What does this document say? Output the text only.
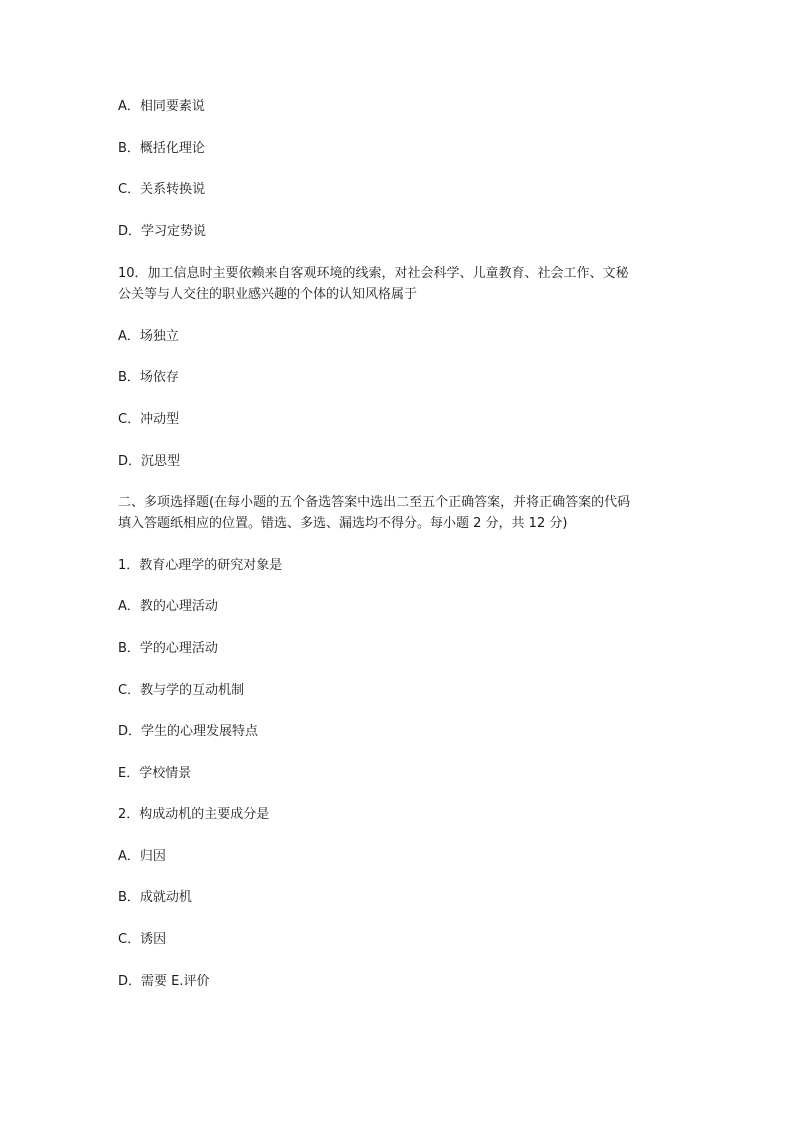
A．相同要素说
B．概括化理论
C．关系转换说
D．学习定势说
10．加工信息时主要依赖来自客观环境的线索，对社会科学、儿童教育、社会工作、文秘
公关等与人交往的职业感兴趣的个体的认知风格属于
A．场独立
B．场依存
C．冲动型
D．沉思型
二、多项选择题(在每小题的五个备选答案中选出二至五个正确答案，并将正确答案的代码
填入答题纸相应的位置。错选、多选、漏选均不得分。每小题 2 分，共 12 分)
1．教育心理学的研究对象是
A．教的心理活动
B．学的心理活动
C．教与学的互动机制
D．学生的心理发展特点
E．学校情景
2．构成动机的主要成分是
A．归因
B．成就动机
C．诱因
D．需要 E.评价
